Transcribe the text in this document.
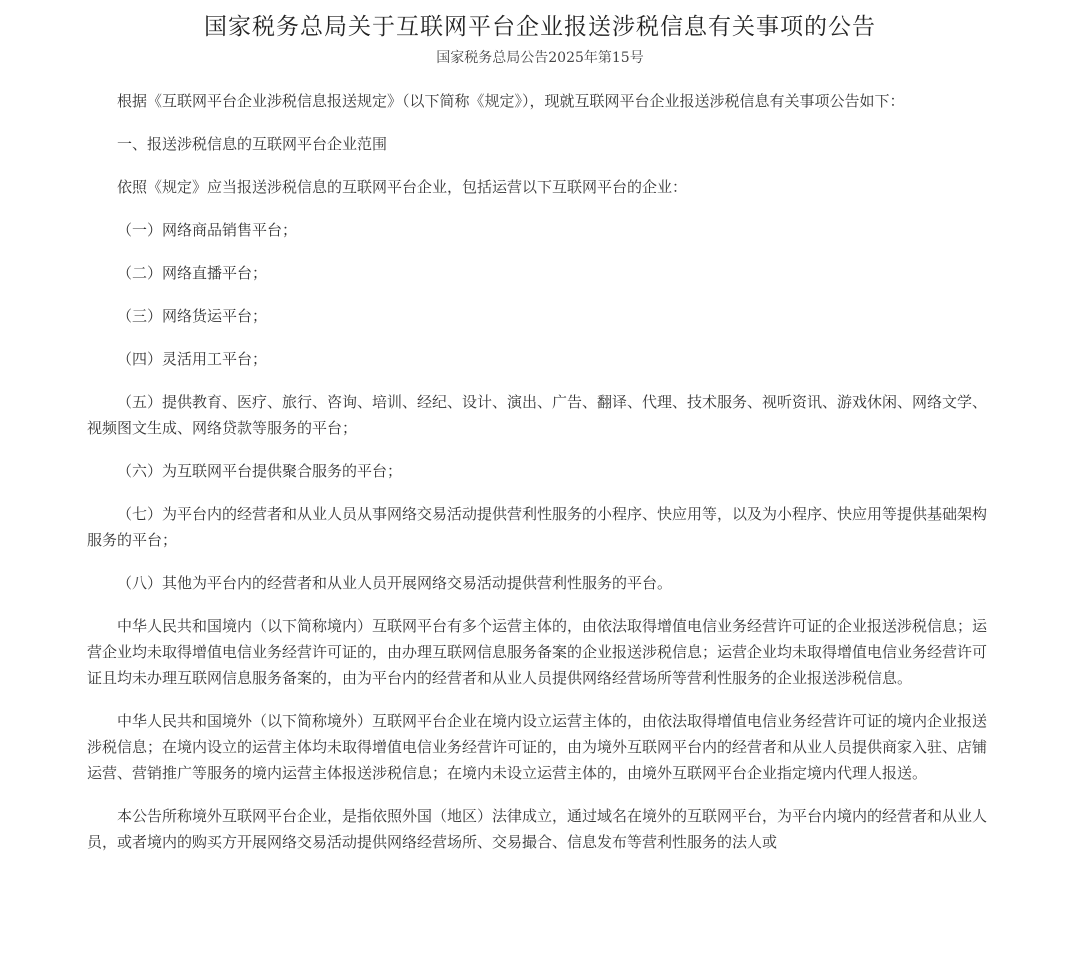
国家税务总局关于互联网平台企业报送涉税信息有关事项的公告
国家税务总局公告2025年第15号

根据《互联网平台企业涉税信息报送规定》（以下简称《规定》），现就互联网平台企业报送涉税信息有关事项公告如下：

一、报送涉税信息的互联网平台企业范围

依照《规定》应当报送涉税信息的互联网平台企业，包括运营以下互联网平台的企业：

（一）网络商品销售平台；

（二）网络直播平台；

（三）网络货运平台；

（四）灵活用工平台；

（五）提供教育、医疗、旅行、咨询、培训、经纪、设计、演出、广告、翻译、代理、技术服务、视听资讯、游戏休闲、网络文学、视频图文生成、网络贷款等服务的平台；

（六）为互联网平台提供聚合服务的平台；

（七）为平台内的经营者和从业人员从事网络交易活动提供营利性服务的小程序、快应用等，以及为小程序、快应用等提供基础架构服务的平台；

（八）其他为平台内的经营者和从业人员开展网络交易活动提供营利性服务的平台。

中华人民共和国境内（以下简称境内）互联网平台有多个运营主体的，由依法取得增值电信业务经营许可证的企业报送涉税信息；运营企业均未取得增值电信业务经营许可证的，由办理互联网信息服务备案的企业报送涉税信息；运营企业均未取得增值电信业务经营许可证且均未办理互联网信息服务备案的，由为平台内的经营者和从业人员提供网络经营场所等营利性服务的企业报送涉税信息。

中华人民共和国境外（以下简称境外）互联网平台企业在境内设立运营主体的，由依法取得增值电信业务经营许可证的境内企业报送涉税信息；在境内设立的运营主体均未取得增值电信业务经营许可证的，由为境外互联网平台内的经营者和从业人员提供商家入驻、店铺运营、营销推广等服务的境内运营主体报送涉税信息；在境内未设立运营主体的，由境外互联网平台企业指定境内代理人报送。

本公告所称境外互联网平台企业，是指依照外国（地区）法律成立，通过域名在境外的互联网平台，为平台内境内的经营者和从业人员，或者境内的购买方开展网络交易活动提供网络经营场所、交易撮合、信息发布等营利性服务的法人或
